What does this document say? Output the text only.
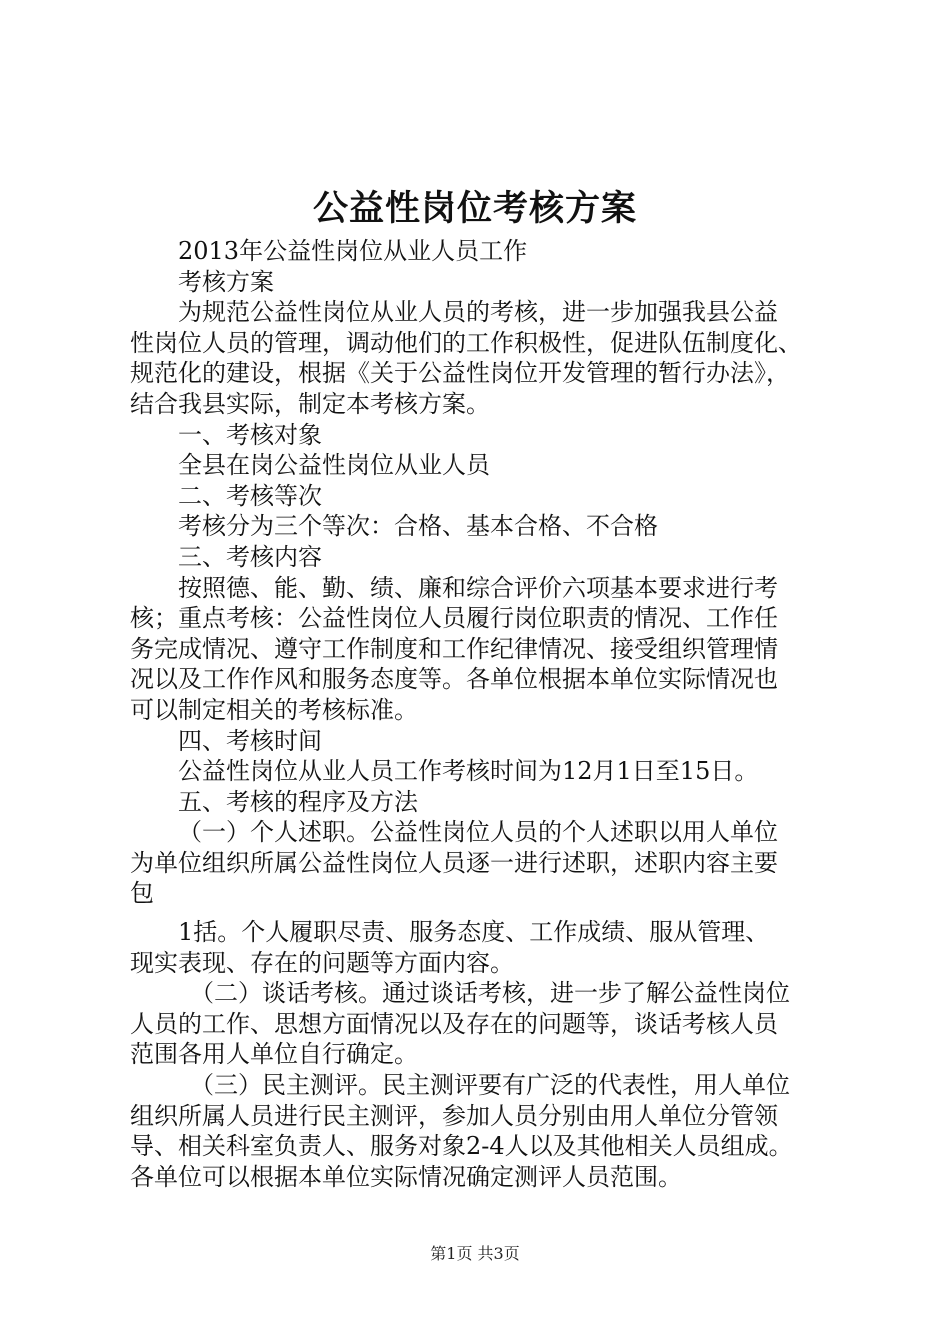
公益性岗位考核方案

2013年公益性岗位从业人员工作

考核方案

为规范公益性岗位从业人员的考核，进一步加强我县公益

性岗位人员的管理，调动他们的工作积极性，促进队伍制度化、

规范化的建设，根据《关于公益性岗位开发管理的暂行办法》，

结合我县实际，制定本考核方案。

一、考核对象

全县在岗公益性岗位从业人员

二、考核等次

考核分为三个等次：合格、基本合格、不合格

三、考核内容

按照德、能、勤、绩、廉和综合评价六项基本要求进行考

核；重点考核：公益性岗位人员履行岗位职责的情况、工作任

务完成情况、遵守工作制度和工作纪律情况、接受组织管理情

况以及工作作风和服务态度等。各单位根据本单位实际情况也

可以制定相关的考核标准。

四、考核时间

公益性岗位从业人员工作考核时间为12月1日至15日。

五、考核的程序及方法

（一）个人述职。公益性岗位人员的个人述职以用人单位

为单位组织所属公益性岗位人员逐一进行述职，述职内容主要

包

1括。个人履职尽责、服务态度、工作成绩、服从管理、

现实表现、存在的问题等方面内容。

（二）谈话考核。通过谈话考核，进一步了解公益性岗位

人员的工作、思想方面情况以及存在的问题等，谈话考核人员

范围各用人单位自行确定。

（三）民主测评。民主测评要有广泛的代表性，用人单位

组织所属人员进行民主测评，参加人员分别由用人单位分管领

导、相关科室负责人、服务对象2-4人以及其他相关人员组成。

各单位可以根据本单位实际情况确定测评人员范围。

第1页 共3页
